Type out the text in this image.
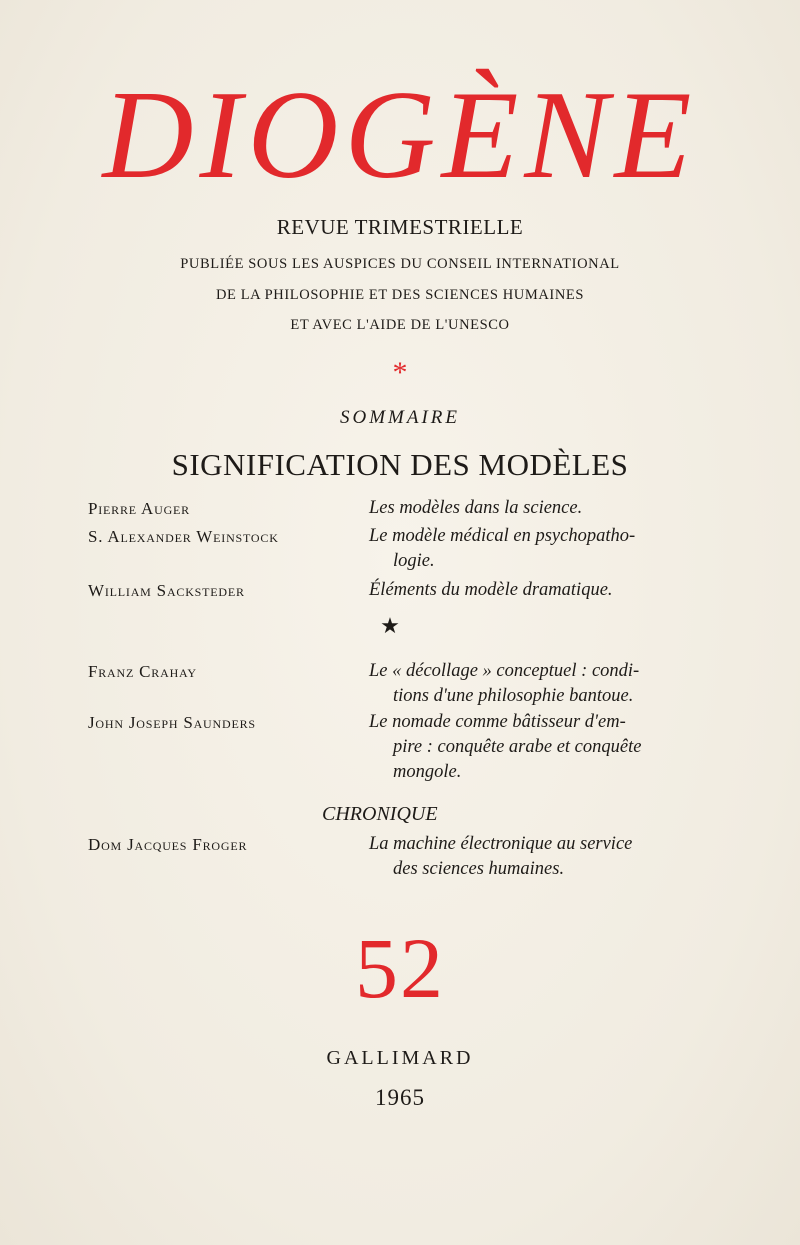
DIOGÈNE
REVUE TRIMESTRIELLE
PUBLIÉE SOUS LES AUSPICES DU CONSEIL INTERNATIONAL
DE LA PHILOSOPHIE ET DES SCIENCES HUMAINES
ET AVEC L'AIDE DE L'UNESCO
*
SOMMAIRE
SIGNIFICATION DES MODÈLES
Pierre Auger	Les modèles dans la science.
S. Alexander Weinstock	Le modèle médical en psychopatho-
logie.
William Sacksteder	Éléments du modèle dramatique.
★
Franz Crahay	Le « décollage » conceptuel : condi-
tions d'une philosophie bantoue.
John Joseph Saunders	Le nomade comme bâtisseur d'em-
pire : conquête arabe et conquête
mongole.
CHRONIQUE
Dom Jacques Froger	La machine électronique au service
des sciences humaines.
52
GALLIMARD
1965
